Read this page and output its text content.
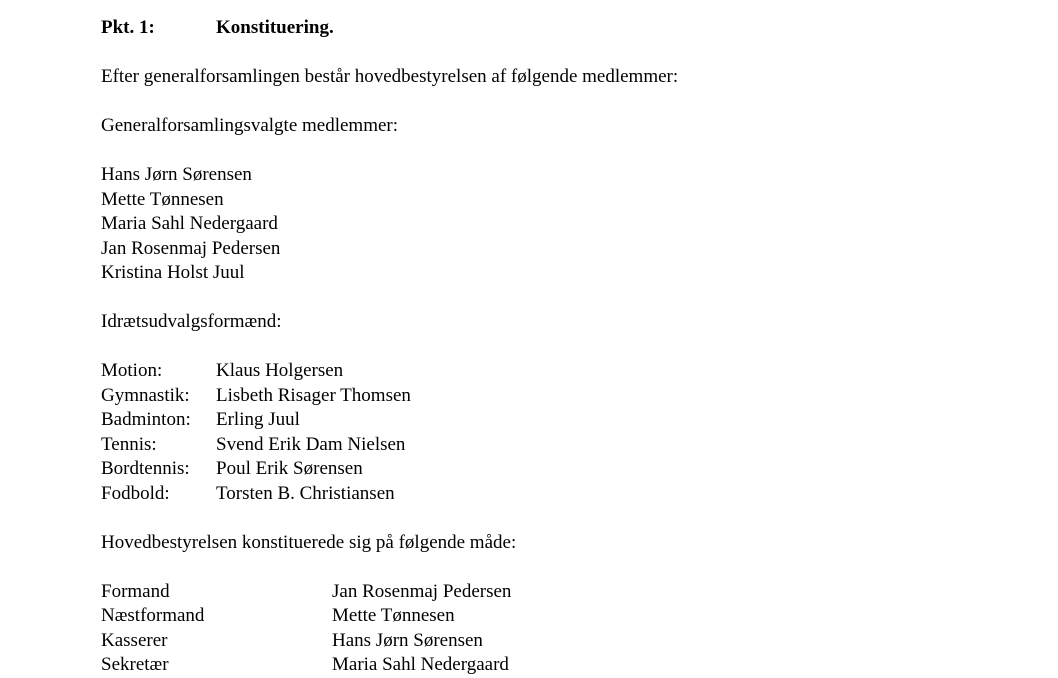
Pkt. 1:	Konstituering.
Efter generalforsamlingen består hovedbestyrelsen af følgende medlemmer:
Generalforsamlingsvalgte medlemmer:
Hans Jørn Sørensen
Mette Tønnesen
Maria Sahl Nedergaard
Jan Rosenmaj Pedersen
Kristina Holst Juul
Idrætsudvalgsformænd:
Motion:	Klaus Holgersen
Gymnastik:	Lisbeth Risager Thomsen
Badminton:	Erling Juul
Tennis:	Svend Erik Dam Nielsen
Bordtennis:	Poul Erik Sørensen
Fodbold:	Torsten B. Christiansen
Hovedbestyrelsen konstituerede sig på følgende måde:
Formand	Jan Rosenmaj Pedersen
Næstformand	Mette Tønnesen
Kasserer	Hans Jørn Sørensen
Sekretær	Maria Sahl Nedergaard
